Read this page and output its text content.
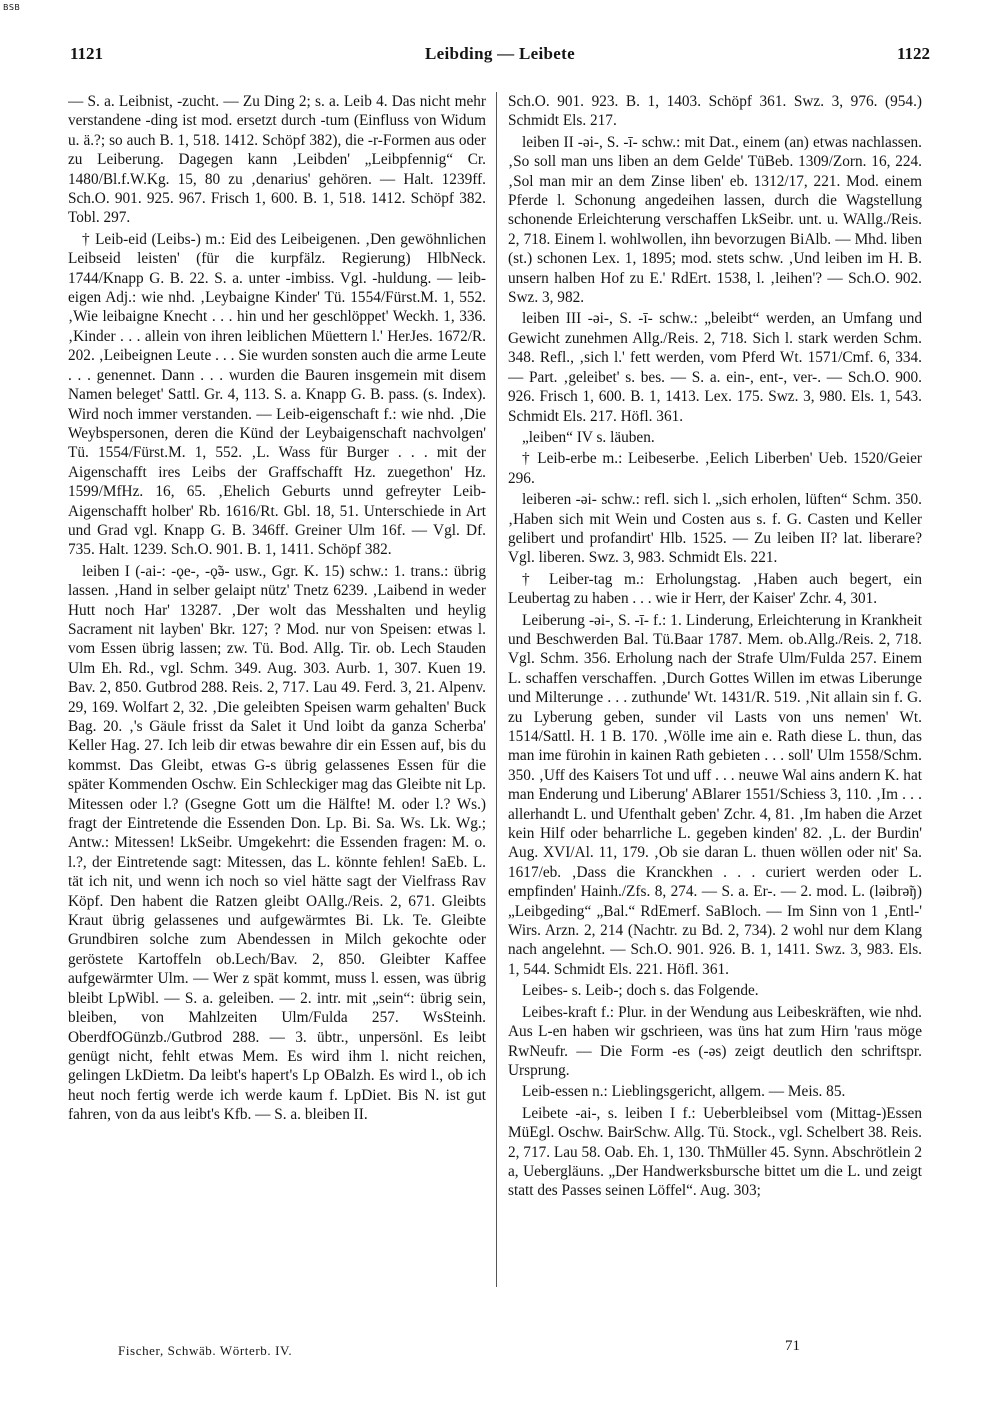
BSB
1121	Leibding — Leibete	1122

— S. a. Leibnist, -zucht. — Zu Ding 2; s. a. Leib 4. Das nicht mehr verstandene -ding ist mod. ersetzt durch -tum (Einfluss von Widum u. ä.?; so auch B. 1, 518. 1412. Schöpf 382), die -r-Formen aus oder zu Leiberung. Dagegen kann ‚Leibden' „Leibpfennig“ Cr. 1480/Bl.f.W.Kg. 15, 80 zu ‚denarius' gehören. — Halt. 1239ff. Sch.O. 901. 925. 967. Frisch 1, 600. B. 1, 518. 1412. Schöpf 382. Tobl. 297.

† Leib-eid (Leibs-) m.: Eid des Leibeigenen. ‚Den gewöhnlichen Leibseid leisten' (für die kurpfälz. Regierung) HlbNeck. 1744/Knapp G. B. 22. S. a. unter -imbiss. Vgl. -huldung. — leib-eigen Adj.: wie nhd. ‚Leybaigne Kinder' Tü. 1554/Fürst.M. 1, 552. ‚Wie leibaigne Knecht . . . hin und her geschlöppet' Weckh. 1, 336. ‚Kinder . . . allein von ihren leiblichen Müettern l.' HerJes. 1672/R. 202. ‚Leibeignen Leute . . . Sie wurden sonsten auch die arme Leute . . . genennet. Dann . . . wurden die Bauren insgemein mit disem Namen beleget' Sattl. Gr. 4, 113. S. a. Knapp G. B. pass. (s. Index). Wird noch immer verstanden. — Leib-eigenschaft f.: wie nhd. ‚Die Weybspersonen, deren die Künd der Leybaigenschaft nachvolgen' Tü. 1554/Fürst.M. 1, 552. ‚L. Wass für Burger . . . mit der Aigenschafft ires Leibs der Graffschafft Hz. zuegethon' Hz. 1599/MfHz. 16, 65. ‚Ehelich Geburts unnd gefreyter Leib-Aigenschafft holber' Rb. 1616/Rt. Gbl. 18, 51. Unterschiede in Art und Grad vgl. Knapp G. B. 346ff. Greiner Ulm 16f. — Vgl. Df. 735. Halt. 1239. Sch.O. 901. B. 1, 1411. Schöpf 382.

leiben I (-ai-: -ǫe-, -ǫ̃ə- usw., Ggr. K. 15) schw.: 1. trans.: übrig lassen. ‚Hand in selber gelaipt nütz' Tnetz 6239. ‚Laibend in weder Hutt noch Har' 13287. ‚Der wolt das Messhalten und heylig Sacrament nit layben' Bkr. 127; ? Mod. nur von Speisen: etwas l. vom Essen übrig lassen; zw. Tü. Bod. Allg. Tir. ob. Lech Stauden Ulm Eh. Rd., vgl. Schm. 349. Aug. 303. Aurb. 1, 307. Kuen 19. Bav. 2, 850. Gutbrod 288. Reis. 2, 717. Lau 49. Ferd. 3, 21. Alpenv. 29, 169. Wolfart 2, 32. ‚Die geleibten Speisen warm gehalten' Buck Bag. 20. ‚'s Gäule frisst da Salet it Und loibt da ganza Scherba' Keller Hag. 27. Ich leib dir etwas bewahre dir ein Essen auf, bis du kommst. Das Gleibt, etwas G-s übrig gelassenes Essen für die später Kommenden Oschw. Ein Schleckiger mag das Gleibte nit Lp. Mitessen oder l.? (Gsegne Gott um die Hälfte! M. oder l.? Ws.) fragt der Eintretende die Essenden Don. Lp. Bi. Sa. Ws. Lk. Wg.; Antw.: Mitessen! LkSeibr. Umgekehrt: die Essenden fragen: M. o. l.?, der Eintretende sagt: Mitessen, das L. könnte fehlen! SaEb. L. tät ich nit, und wenn ich noch so viel hätte sagt der Vielfrass Rav Köpf. Den habent die Ratzen gleibt OAllg./Reis. 2, 671. Gleibts Kraut übrig gelassenes und aufgewärmtes Bi. Lk. Te. Gleibte Grundbiren solche zum Abendessen in Milch gekochte oder geröstete Kartoffeln ob.Lech/Bav. 2, 850. Gleibter Kaffee aufgewärmter Ulm. — Wer z spät kommt, muss l. essen, was übrig bleibt LpWibl. — S. a. geleiben. — 2. intr. mit „sein“: übrig sein, bleiben, von Mahlzeiten Ulm/Fulda 257. WsSteinh. OberdfOGünzb./Gutbrod 288. — 3. übtr., unpersönl. Es leibt genügt nicht, fehlt etwas Mem. Es wird ihm l. nicht reichen, gelingen LkDietm. Da leibt's hapert's Lp OBalzh. Es wird l., ob ich heut noch fertig werde ich werde kaum f. LpDiet. Bis N. ist gut fahren, von da aus leibt's Kfb. — S. a. bleiben II.

Sch.O. 901. 923. B. 1, 1403. Schöpf 361. Swz. 3, 976. (954.) Schmidt Els. 217.

leiben II -əi-, S. -ī- schw.: mit Dat., einem (an) etwas nachlassen. ‚So soll man uns liben an dem Gelde' TüBeb. 1309/Zorn. 16, 224. ‚Sol man mir an dem Zinse liben' eb. 1312/17, 221. Mod. einem Pferde l. Schonung angedeihen lassen, durch die Wagstellung schonende Erleichterung verschaffen LkSeibr. unt. u. WAllg./Reis. 2, 718. Einem l. wohlwollen, ihn bevorzugen BiAlb. — Mhd. liben (st.) schonen Lex. 1, 1895; mod. stets schw. ‚Und leiben im H. B. unsern halben Hof zu E.' RdErt. 1538, l. ‚leihen'? — Sch.O. 902. Swz. 3, 982.

leiben III -əi-, S. -ī- schw.: „beleibt“ werden, an Umfang und Gewicht zunehmen Allg./Reis. 2, 718. Sich l. stark werden Schm. 348. Refl., ‚sich l.' fett werden, vom Pferd Wt. 1571/Cmf. 6, 334. — Part. ‚geleibet' s. bes. — S. a. ein-, ent-, ver-. — Sch.O. 900. 926. Frisch 1, 600. B. 1, 1413. Lex. 175. Swz. 3, 980. Els. 1, 543. Schmidt Els. 217. Höfl. 361.

„leiben“ IV s. läuben.

† Leib-erbe m.: Leibeserbe. ‚Eelich Liberben' Ueb. 1520/Geier 296.

leiberen -əi- schw.: refl. sich l. „sich erholen, lüften“ Schm. 350. ‚Haben sich mit Wein und Costen aus s. f. G. Casten und Keller gelibert und profandirt' Hlb. 1525. — Zu leiben II? lat. liberare? Vgl. liberen. Swz. 3, 983. Schmidt Els. 221.

† Leiber-tag m.: Erholungstag. ‚Haben auch begert, ein Leubertag zu haben . . . wie ir Herr, der Kaiser' Zchr. 4, 301.

Leiberung -əi-, S. -ī- f.: 1. Linderung, Erleichterung in Krankheit und Beschwerden Bal. Tü.Baar 1787. Mem. ob.Allg./Reis. 2, 718. Vgl. Schm. 356. Erholung nach der Strafe Ulm/Fulda 257. Einem L. schaffen verschaffen. ‚Durch Gottes Willen im etwas Liberunge und Milterunge . . . zuthunde' Wt. 1431/R. 519. ‚Nit allain sin f. G. zu Lyberung geben, sunder vil Lasts von uns nemen' Wt. 1514/Sattl. H. 1 B. 170. ‚Wölle ime ain e. Rath diese L. thun, das man ime fürohin in kainen Rath gebieten . . . soll' Ulm 1558/Schm. 350. ‚Uff des Kaisers Tot und uff . . . neuwe Wal ains andern K. hat man Enderung und Liberung' ABlarer 1551/Schiess 3, 110. ‚Im . . . allerhandt L. und Ufenthalt geben' Zchr. 4, 81. ‚Im haben die Arzet kein Hilf oder beharrliche L. gegeben kinden' 82. ‚L. der Burdin' Aug. XVI/Al. 11, 179. ‚Ob sie daran L. thuen wöllen oder nit' Sa. 1617/eb. ‚Dass die Kranckhen . . . curiert werden oder L. empfinden' Hainh./Zfs. 8, 274. — S. a. Er-. — 2. mod. L. (ləibrə̃ŋ) „Leibgeding“ „Bal.“ RdEmerf. SaBloch. — Im Sinn von 1 ‚Entl-' Wirs. Arzn. 2, 214 (Nachtr. zu Bd. 2, 734). 2 wohl nur dem Klang nach angelehnt. — Sch.O. 901. 926. B. 1, 1411. Swz. 3, 983. Els. 1, 544. Schmidt Els. 221. Höfl. 361.

Leibes- s. Leib-; doch s. das Folgende.

Leibes-kraft f.: Plur. in der Wendung aus Leibeskräften, wie nhd. Aus L-en haben wir gschrieen, was üns hat zum Hirn 'raus möge RwNeufr. — Die Form -es (-əs) zeigt deutlich den schriftspr. Ursprung.

Leib-essen n.: Lieblingsgericht, allgem. — Meis. 85.

Leibete -ai-, s. leiben I f.: Ueberbleibsel vom (Mittag-)Essen MüEgl. Oschw. BairSchw. Allg. Tü. Stock., vgl. Schelbert 38. Reis. 2, 717. Lau 58. Oab. Eh. 1, 130. ThMüller 45. Synn. Abschrötlein 2 a, Uebergläuns. „Der Handwerksbursche bittet um die L. und zeigt statt des Passes seinen Löffel“. Aug. 303;

Fischer, Schwäb. Wörterb. IV.	71
